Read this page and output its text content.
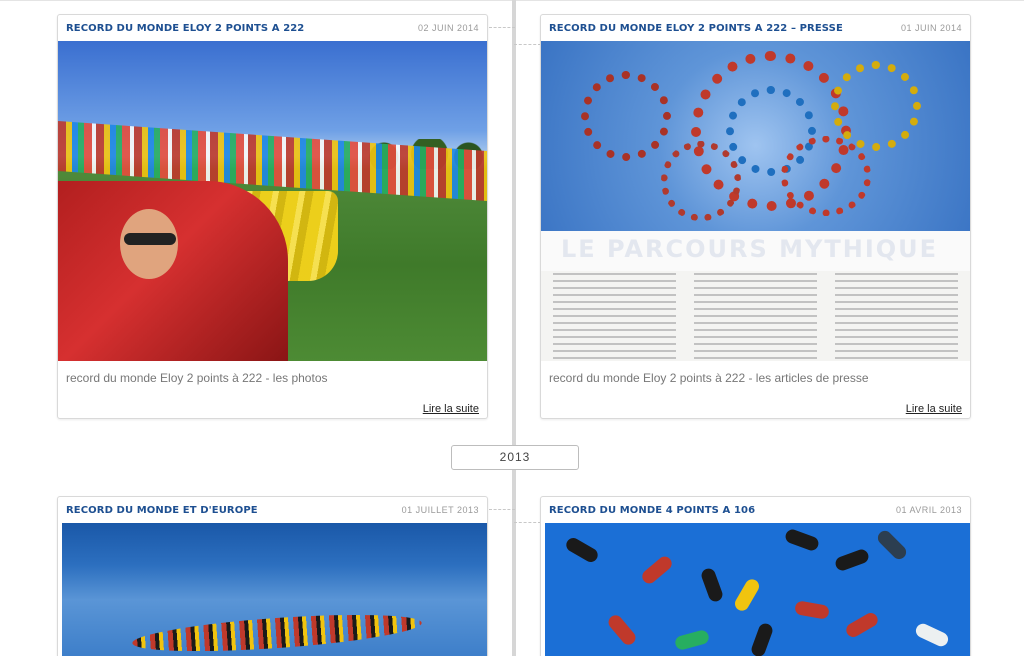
RECORD DU MONDE ELOY 2 POINTS A 222	02 JUIN 2014
record du monde Eloy 2 points à 222 - les photos
Lire la suite
RECORD DU MONDE ELOY 2 POINTS A 222 – PRESSE	01 JUIN 2014
LE PARCOURS MYTHIQUE
record du monde Eloy 2 points à 222 - les articles de presse
Lire la suite
2013
RECORD DU MONDE ET D'EUROPE	01 JUILLET 2013	RECORD DU MONDE 4 POINTS A 106	01 AVRIL 2013
